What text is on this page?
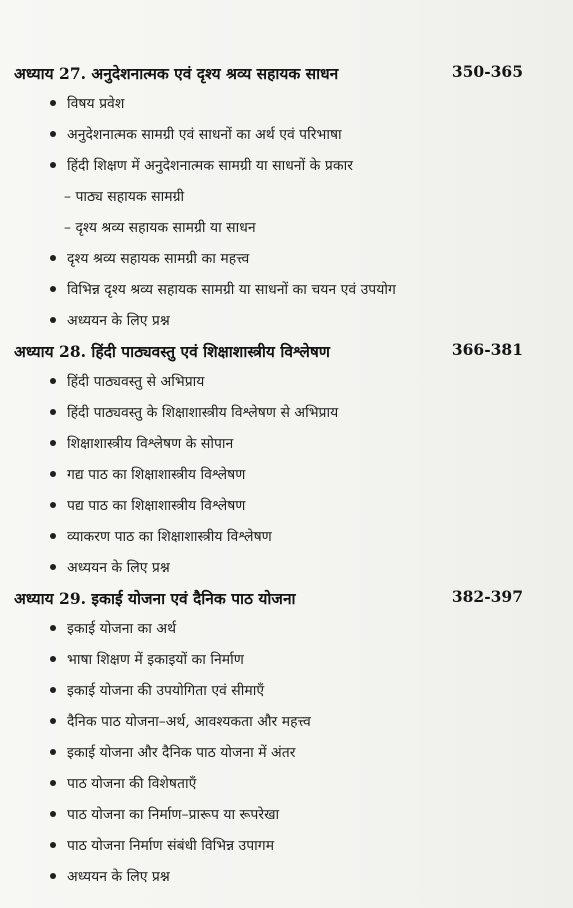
अध्याय 27. अनुदेशनात्मक एवं दृश्य श्रव्य सहायक साधन	350-365
विषय प्रवेश
अनुदेशनात्मक सामग्री एवं साधनों का अर्थ एवं परिभाषा
हिंदी शिक्षण में अनुदेशनात्मक सामग्री या साधनों के प्रकार
– पाठ्य सहायक सामग्री
– दृश्य श्रव्य सहायक सामग्री या साधन
दृश्य श्रव्य सहायक सामग्री का महत्त्व
विभिन्न दृश्य श्रव्य सहायक सामग्री या साधनों का चयन एवं उपयोग
अध्ययन के लिए प्रश्न
अध्याय 28. हिंदी पाठ्यवस्तु एवं शिक्षाशास्त्रीय विश्लेषण	366-381
हिंदी पाठ्यवस्तु से अभिप्राय
हिंदी पाठ्यवस्तु के शिक्षाशास्त्रीय विश्लेषण से अभिप्राय
शिक्षाशास्त्रीय विश्लेषण के सोपान
गद्य पाठ का शिक्षाशास्त्रीय विश्लेषण
पद्य पाठ का शिक्षाशास्त्रीय विश्लेषण
व्याकरण पाठ का शिक्षाशास्त्रीय विश्लेषण
अध्ययन के लिए प्रश्न
अध्याय 29. इकाई योजना एवं दैनिक पाठ योजना	382-397
इकाई योजना का अर्थ
भाषा शिक्षण में इकाइयों का निर्माण
इकाई योजना की उपयोगिता एवं सीमाएँ
दैनिक पाठ योजना–अर्थ, आवश्यकता और महत्त्व
इकाई योजना और दैनिक पाठ योजना में अंतर
पाठ योजना की विशेषताएँ
पाठ योजना का निर्माण–प्रारूप या रूपरेखा
पाठ योजना निर्माण संबंधी विभिन्न उपागम
अध्ययन के लिए प्रश्न
